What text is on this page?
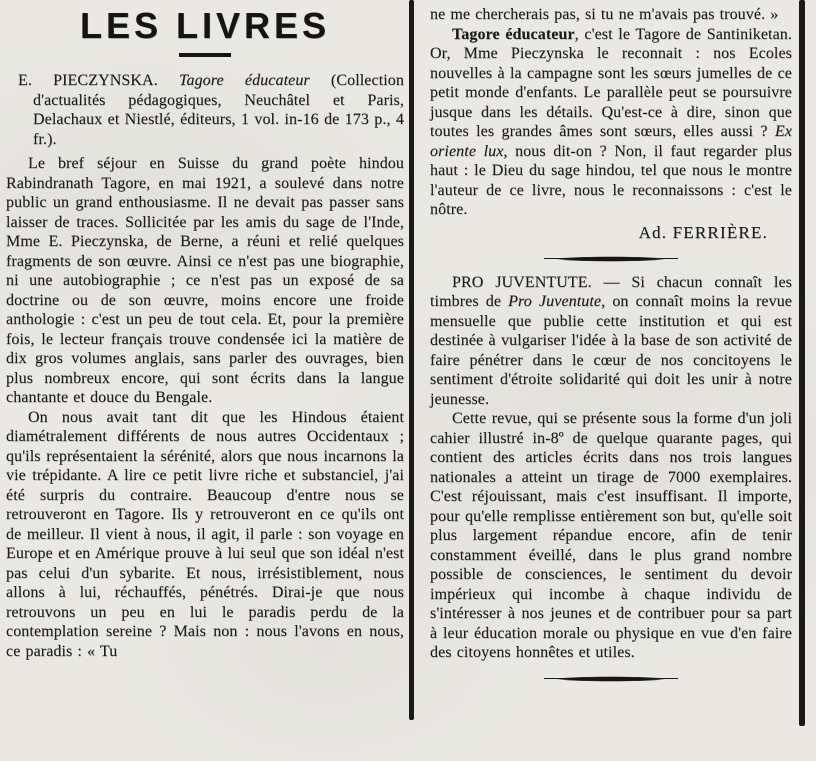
LES LIVRES

E. PIECZYNSKA. Tagore éducateur (Collection d'actualités pédagogiques, Neuchâtel et Paris, Delachaux et Niestlé, éditeurs, 1 vol. in-16 de 173 p., 4 fr.).

Le bref séjour en Suisse du grand poète hindou Rabindranath Tagore, en mai 1921, a soulevé dans notre public un grand enthousiasme. Il ne devait pas passer sans laisser de traces. Sollicitée par les amis du sage de l'Inde, Mme E. Pieczynska, de Berne, a réuni et relié quelques fragments de son œuvre. Ainsi ce n'est pas une biographie, ni une autobiographie ; ce n'est pas un exposé de sa doctrine ou de son œuvre, moins encore une froide anthologie : c'est un peu de tout cela. Et, pour la première fois, le lecteur français trouve condensée ici la matière de dix gros volumes anglais, sans parler des ouvrages, bien plus nombreux encore, qui sont écrits dans la langue chantante et douce du Bengale.

On nous avait tant dit que les Hindous étaient diamétralement différents de nous autres Occidentaux ; qu'ils représentaient la sérénité, alors que nous incarnons la vie trépidante. A lire ce petit livre riche et substanciel, j'ai été surpris du contraire. Beaucoup d'entre nous se retrouveront en Tagore. Ils y retrouveront en ce qu'ils ont de meilleur. Il vient à nous, il agit, il parle : son voyage en Europe et en Amérique prouve à lui seul que son idéal n'est pas celui d'un sybarite. Et nous, irrésistiblement, nous allons à lui, réchauffés, pénétrés. Dirai-je que nous retrouvons un peu en lui le paradis perdu de la contemplation sereine ? Mais non : nous l'avons en nous, ce paradis : « Tu

ne me chercherais pas, si tu ne m'avais pas trouvé. »

Tagore éducateur, c'est le Tagore de Santiniketan. Or, Mme Pieczynska le reconnait : nos Ecoles nouvelles à la campagne sont les sœurs jumelles de ce petit monde d'enfants. Le parallèle peut se poursuivre jusque dans les détails. Qu'est-ce à dire, sinon que toutes les grandes âmes sont sœurs, elles aussi ? Ex oriente lux, nous dit-on ? Non, il faut regarder plus haut : le Dieu du sage hindou, tel que nous le montre l'auteur de ce livre, nous le reconnaissons : c'est le nôtre.

Ad. FERRIÈRE.

PRO JUVENTUTE. — Si chacun connaît les timbres de Pro Juventute, on connaît moins la revue mensuelle que publie cette institution et qui est destinée à vulgariser l'idée à la base de son activité de faire pénétrer dans le cœur de nos concitoyens le sentiment d'étroite solidarité qui doit les unir à notre jeunesse.

Cette revue, qui se présente sous la forme d'un joli cahier illustré in-8º de quelque quarante pages, qui contient des articles écrits dans nos trois langues nationales a atteint un tirage de 7000 exemplaires. C'est réjouissant, mais c'est insuffisant. Il importe, pour qu'elle remplisse entièrement son but, qu'elle soit plus largement répandue encore, afin de tenir constamment éveillé, dans le plus grand nombre possible de consciences, le sentiment du devoir impérieux qui incombe à chaque individu de s'intéresser à nos jeunes et de contribuer pour sa part à leur éducation morale ou physique en vue d'en faire des citoyens honnêtes et utiles.
